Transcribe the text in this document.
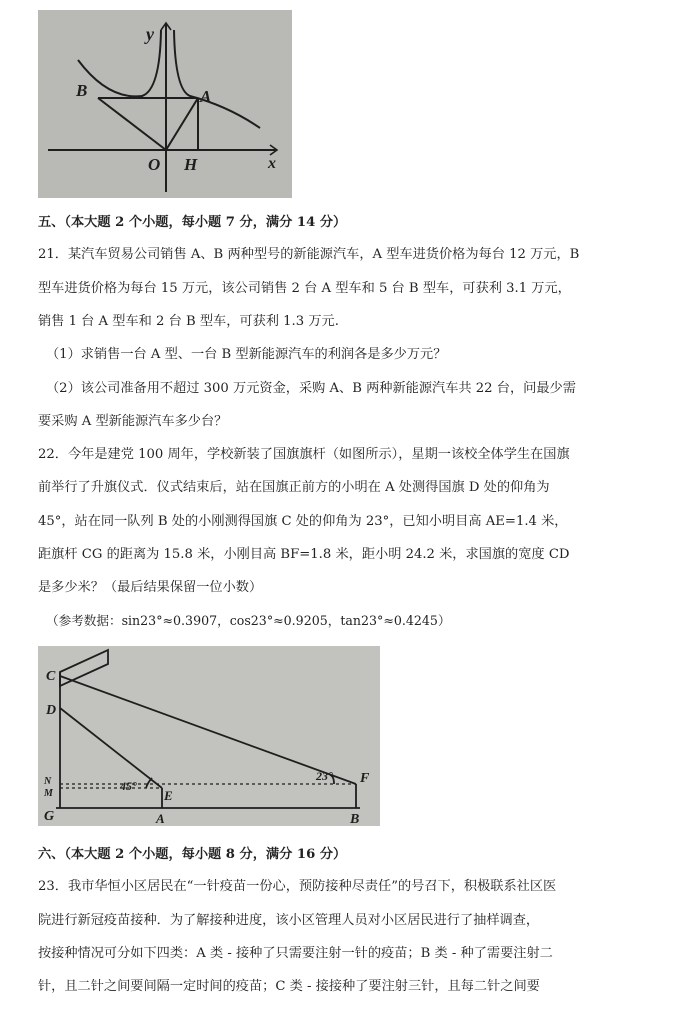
y
x
B	A
O H
五、（本大题 2 个小题，每小题 7 分，满分 14 分）
21．某汽车贸易公司销售 A、B 两种型号的新能源汽车，A 型车进货价格为每台 12 万元，B
型车进货价格为每台 15 万元，该公司销售 2 台 A 型车和 5 台 B 型车，可获利 3.1 万元，
销售 1 台 A 型车和 2 台 B 型车，可获利 1.3 万元.
（1）求销售一台 A 型、一台 B 型新能源汽车的利润各是多少万元？
（2）该公司准备用不超过 300 万元资金，采购 A、B 两种新能源汽车共 22 台，问最少需
要采购 A 型新能源汽车多少台？
22．今年是建党 100 周年，学校新装了国旗旗杆（如图所示），星期一该校全体学生在国旗
前举行了升旗仪式．仪式结束后，站在国旗正前方的小明在 A 处测得国旗 D 处的仰角为
45°，站在同一队列 B 处的小刚测得国旗 C 处的仰角为 23°，已知小明目高 AE=1.4 米，
距旗杆 CG 的距离为 15.8 米，小刚目高 BF=1.8 米，距小明 24.2 米，求国旗的宽度 CD
是多少米？（最后结果保留一位小数）
（参考数据：sin23°≈0.3907，cos23°≈0.9205，tan23°≈0.4245）
C
D
N
M
G
E
A
F
B
45°
23°
六、（本大题 2 个小题，每小题 8 分，满分 16 分）
23．我市华恒小区居民在“一针疫苗一份心，预防接种尽责任”的号召下，积极联系社区医
院进行新冠疫苗接种．为了解接种进度，该小区管理人员对小区居民进行了抽样调查，
按接种情况可分如下四类：A 类 - 接种了只需要注射一针的疫苗；B 类 - 种了需要注射二
针，且二针之间要间隔一定时间的疫苗；C 类 - 接接种了要注射三针，且每二针之间要
